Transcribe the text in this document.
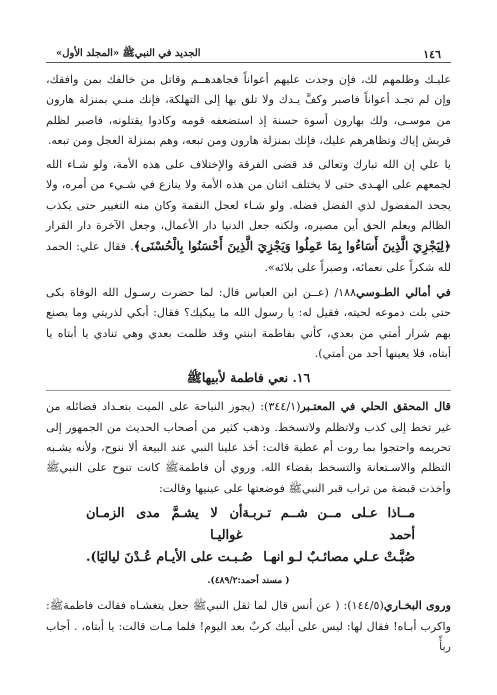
١٤٦
الجديد في النبيﷺ «المجلد الأول»

عليـك وظلمهم لك، فإن وجدت عليهم أعواناً فجاهدهــم وقاتل من خالفك بمن وافقك، وإن لم تجـد أعواناً فاصبر وكفَّ يـدك ولا تلق بها إلى التهلكة، فإنك منـي بمنزلة هارون من موسـى، ولك بهارون أسوة حسنة إذ استضعفه قومه وكادوا يقتلونه، فاصبر لظلم قريش إياك وتظاهرهم عليك، فإنك بمنزلة هارون ومن تبعه، وهم بمنزلة العجل ومن تبعه.

يا علي إن الله تبارك وتعالى قد قضى الفرقة والإختلاف على هذه الأمة، ولو شـاء الله لجمعهم على الهـدى حتى لا يختلف اثنان من هذه الأمة ولا ينازع في شـيء من أمره، ولا يجحد المفضول لذي الفضل فضله. ولو شـاء لعجل النقمة وكان منه التغيير حتى يكذب الظالم ويعلم الحق أين مصيره، ولكنه جعل الدنيا دار الأعمال، وجعل الآخرة دار القرار ﴿لِيَجْزِيَ الَّذِينَ أَسَاءُوا بِمَا عَمِلُوا وَيَجْزِيَ الَّذِينَ أَحْسَنُوا بِالْحُسْنَى﴾. فقال علي: الحمد لله شكراً على نعمائه، وصبراً على بلائه».

في أمالي الطـوسي١٨٨/ (عــن ابن العباس قال: لما حضرت رسـول الله الوفاة بكى حتى بلت دموعه لحيته، فقيل له: يا رسول الله ما يبكيك؟ فقال: أبكي لذريتي وما يصنع بهم شرار أمتي من بعدي، كأني بفاطمة ابنتي وقد ظلمت بعدي وهي تنادي يا أبتاه يا أبتاه، فلا يعينها أحد من أمتي).

١٦. نعي فاطمة لأبيهاﷺ

قال المحقق الحلي في المعتـبر(٣٤٤/١): (يجوز النياحة على الميت بتعـداد فضائله من غير تخط إلى كذب ولاتظلم ولاتسخط. وذهب كثير من أصحاب الحديث من الجمهور إلى تحريمه واحتجوا بما روت أم عطية قالت: أخذ علينا النبي عند البيعة ألا ننوح، ولأنه يشـبه التظلم والاسـتعانة والتسخط بقضاء الله. وروي أن فاطمةﷺ كانت تنوح على النبيﷺ وأخذت قبضة من تراب قبر النبيﷺ فوضعتها على عينيها وقالت:

مــاذا عـلى مــن شــم تـربـة أحمد
أن لا يشـمَّ مدى الزمـان غواليـا
صُبَّـتْ عـلي مصائـبٌ لـو انهـا
صُـبـت على الأيـام عُـدْنَ لياليَا).
( مسند أحمد:٤٨٩/٢).

وروى البخـاري(١٤٤/٥): ( عن أنس قال لما ثقل النبيﷺ جعل يتغشـاه فقالت فاطمةﷺ: واكرب أبـاه! فقال لها: ليس على أبيك كربٌ بعد اليوم! فلما مـات قالت: يا أبتاه، . أجاب ربأً
